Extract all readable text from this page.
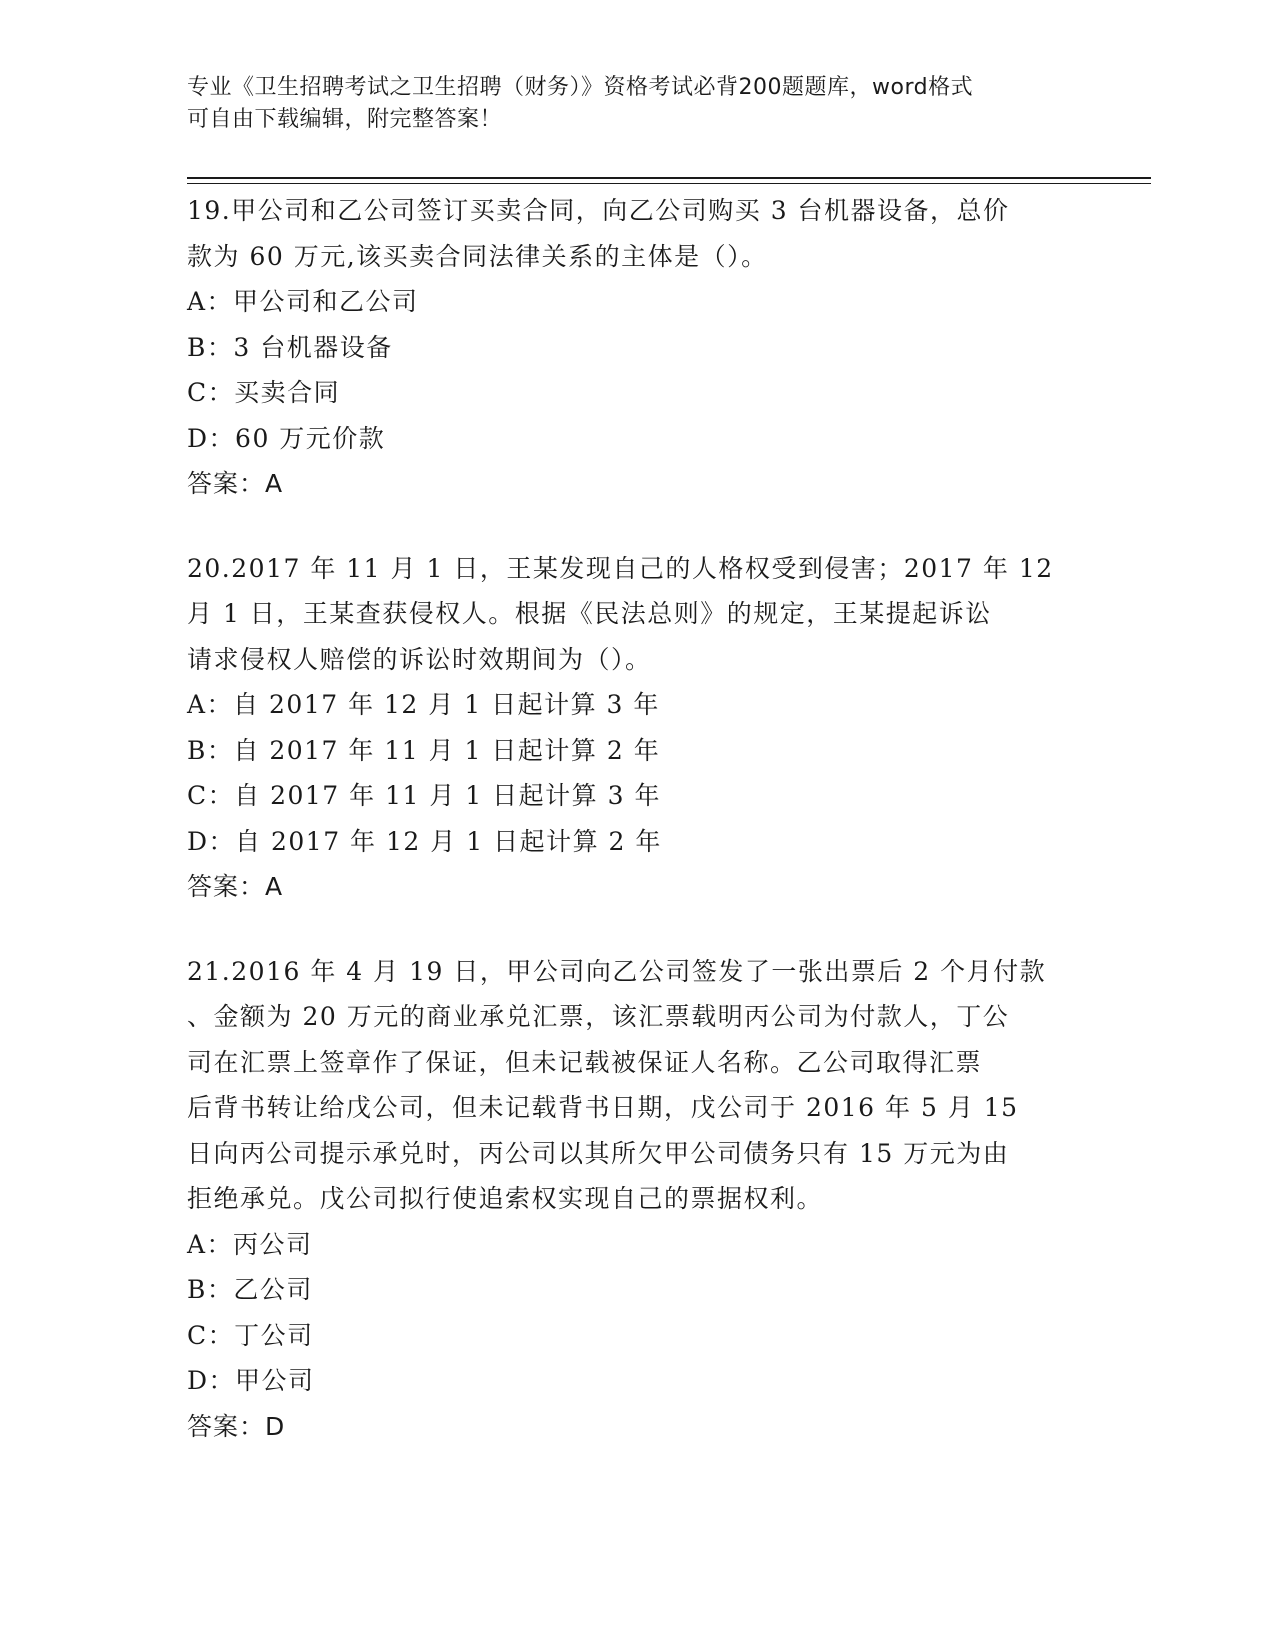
专业《卫生招聘考试之卫生招聘（财务）》资格考试必背200题题库，word格式
可自由下载编辑，附完整答案！
19.甲公司和乙公司签订买卖合同，向乙公司购买 3 台机器设备，总价
款为 60 万元,该买卖合同法律关系的主体是（）。
A：甲公司和乙公司
B：3 台机器设备
C：买卖合同
D：60 万元价款
答案：A
20.2017 年 11 月 1 日，王某发现自己的人格权受到侵害；2017 年 12
月 1 日，王某查获侵权人。根据《民法总则》的规定，王某提起诉讼
请求侵权人赔偿的诉讼时效期间为（）。
A：自 2017 年 12 月 1 日起计算 3 年
B：自 2017 年 11 月 1 日起计算 2 年
C：自 2017 年 11 月 1 日起计算 3 年
D：自 2017 年 12 月 1 日起计算 2 年
答案：A
21.2016 年 4 月 19 日，甲公司向乙公司签发了一张出票后 2 个月付款
、金额为 20 万元的商业承兑汇票，该汇票载明丙公司为付款人，丁公
司在汇票上签章作了保证，但未记载被保证人名称。乙公司取得汇票
后背书转让给戊公司，但未记载背书日期，戊公司于 2016 年 5 月 15
日向丙公司提示承兑时，丙公司以其所欠甲公司债务只有 15 万元为由
拒绝承兑。戊公司拟行使追索权实现自己的票据权利。
A：丙公司
B：乙公司
C：丁公司
D：甲公司
答案：D
